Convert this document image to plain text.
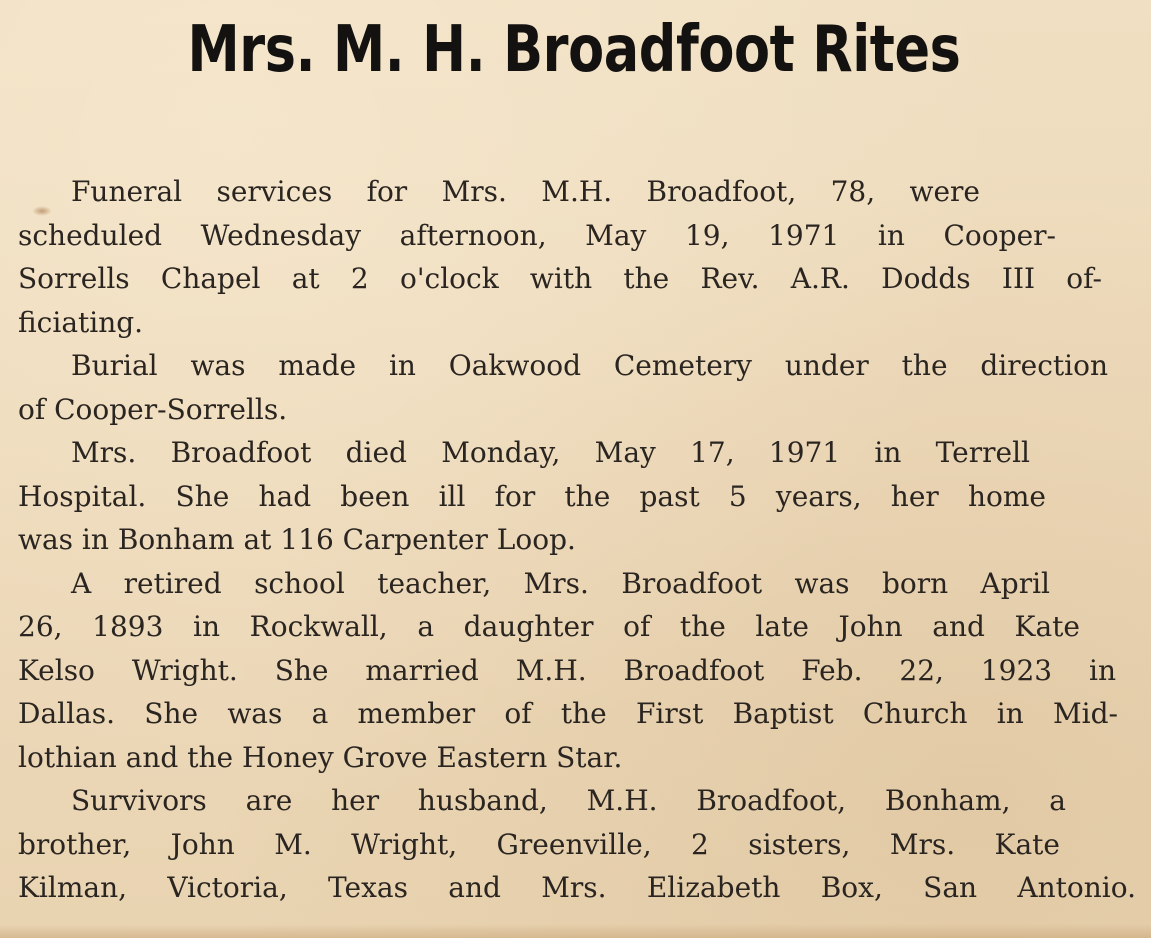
Mrs. M. H. Broadfoot Rites
Funeral services for Mrs. M.H. Broadfoot, 78, were
scheduled Wednesday afternoon, May 19, 1971 in Cooper-
Sorrells Chapel at 2 o'clock with the Rev. A.R. Dodds III of-
ficiating.
Burial was made in Oakwood Cemetery under the direction
of Cooper-Sorrells.
Mrs. Broadfoot died Monday, May 17, 1971 in Terrell
Hospital. She had been ill for the past 5 years, her home
was in Bonham at 116 Carpenter Loop.
A retired school teacher, Mrs. Broadfoot was born April
26, 1893 in Rockwall, a daughter of the late John and Kate
Kelso Wright. She married M.H. Broadfoot Feb. 22, 1923 in
Dallas. She was a member of the First Baptist Church in Mid-
lothian and the Honey Grove Eastern Star.
Survivors are her husband, M.H. Broadfoot, Bonham, a
brother, John M. Wright, Greenville, 2 sisters, Mrs. Kate
Kilman, Victoria, Texas and Mrs. Elizabeth Box, San Antonio.
